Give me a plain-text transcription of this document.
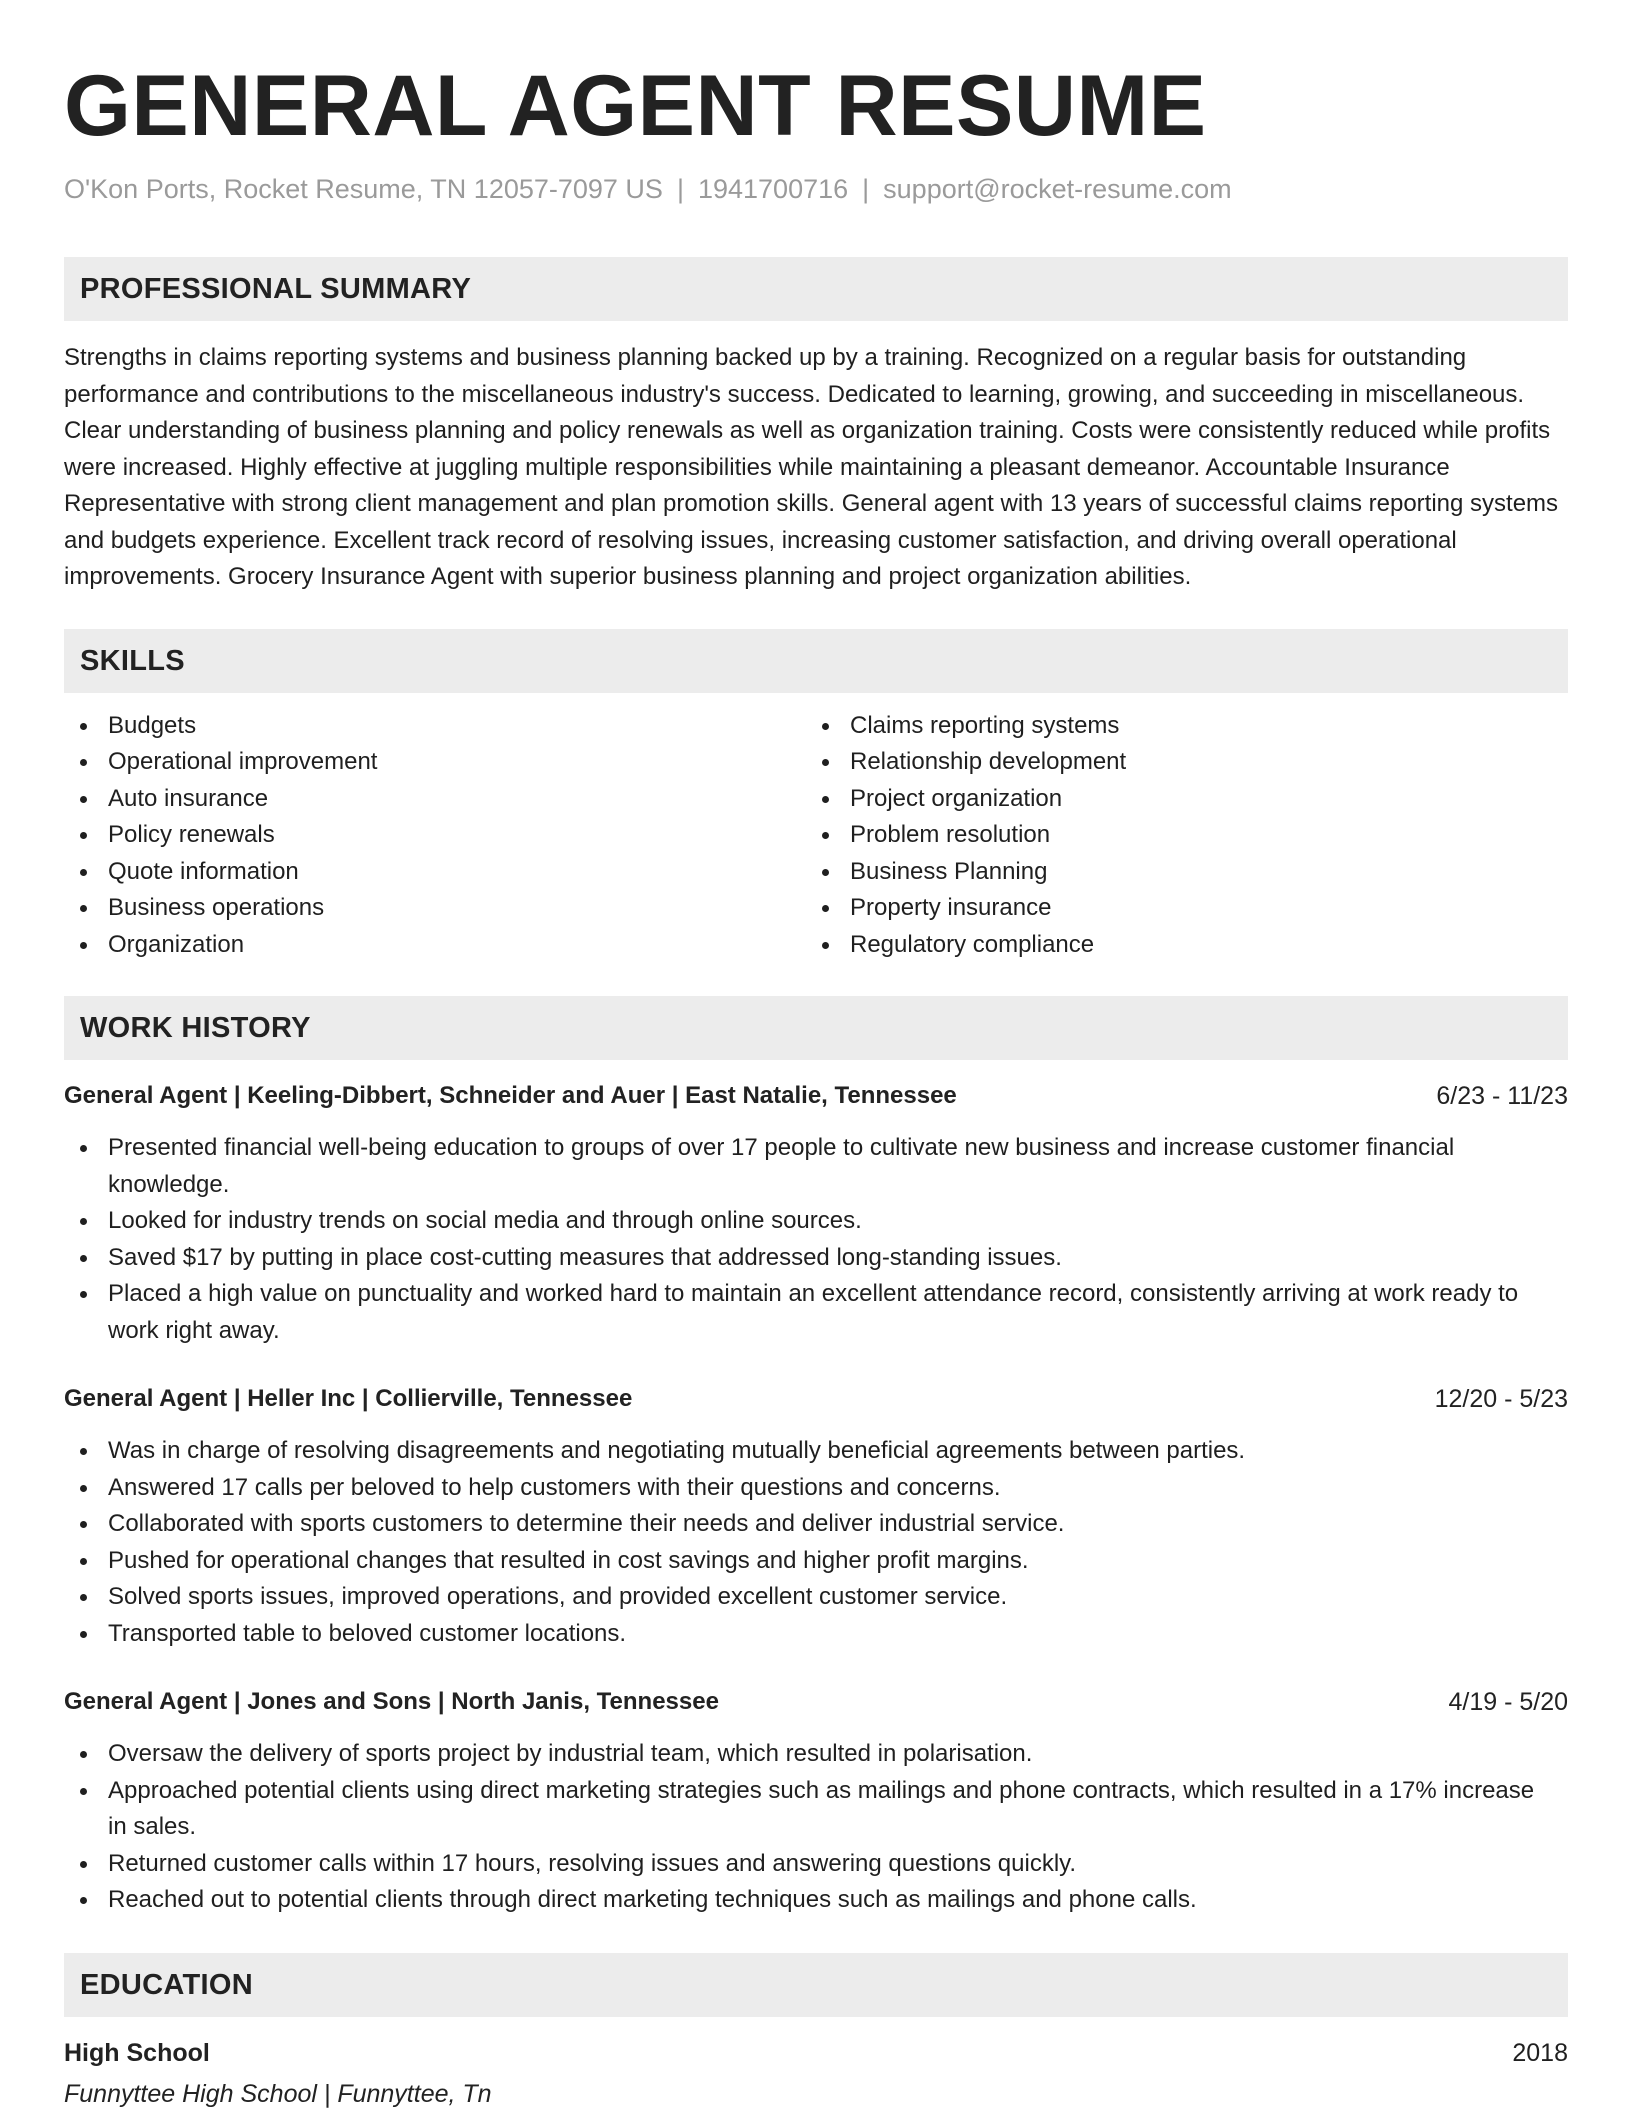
GENERAL AGENT RESUME
O'Kon Ports, Rocket Resume, TN 12057-7097 US | 1941700716 | support@rocket-resume.com
PROFESSIONAL SUMMARY

Strengths in claims reporting systems and business planning backed up by a training. Recognized on a regular basis for outstanding performance and contributions to the miscellaneous industry's success. Dedicated to learning, growing, and succeeding in miscellaneous. Clear understanding of business planning and policy renewals as well as organization training. Costs were consistently reduced while profits were increased. Highly effective at juggling multiple responsibilities while maintaining a pleasant demeanor. Accountable Insurance Representative with strong client management and plan promotion skills. General agent with 13 years of successful claims reporting systems and budgets experience. Excellent track record of resolving issues, increasing customer satisfaction, and driving overall operational improvements. Grocery Insurance Agent with superior business planning and project organization abilities.

SKILLS
Budgets
Operational improvement
Auto insurance
Policy renewals
Quote information
Business operations
Organization
Claims reporting systems
Relationship development
Project organization
Problem resolution
Business Planning
Property insurance
Regulatory compliance
WORK HISTORY
General Agent | Keeling-Dibbert, Schneider and Auer | East Natalie, Tennessee	6/23 - 11/23
Presented financial well-being education to groups of over 17 people to cultivate new business and increase customer financial knowledge.
Looked for industry trends on social media and through online sources.
Saved $17 by putting in place cost-cutting measures that addressed long-standing issues.
Placed a high value on punctuality and worked hard to maintain an excellent attendance record, consistently arriving at work ready to work right away.
General Agent | Heller Inc | Collierville, Tennessee	12/20 - 5/23
Was in charge of resolving disagreements and negotiating mutually beneficial agreements between parties.
Answered 17 calls per beloved to help customers with their questions and concerns.
Collaborated with sports customers to determine their needs and deliver industrial service.
Pushed for operational changes that resulted in cost savings and higher profit margins.
Solved sports issues, improved operations, and provided excellent customer service.
Transported table to beloved customer locations.
General Agent | Jones and Sons | North Janis, Tennessee	4/19 - 5/20
Oversaw the delivery of sports project by industrial team, which resulted in polarisation.
Approached potential clients using direct marketing strategies such as mailings and phone contracts, which resulted in a 17% increase in sales.
Returned customer calls within 17 hours, resolving issues and answering questions quickly.
Reached out to potential clients through direct marketing techniques such as mailings and phone calls.
EDUCATION
High School	2018
Funnyttee High School | Funnyttee, Tn
